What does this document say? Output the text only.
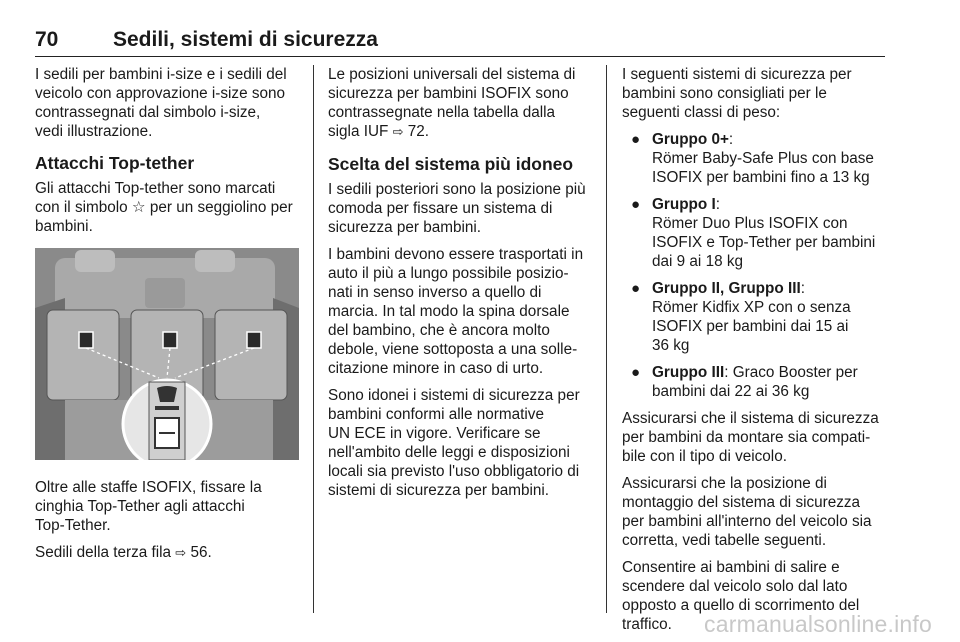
70	Sedili, sistemi di sicurezza

I sedili per bambini i-size e i sedili del
veicolo con approvazione i-size sono
contrassegnati dal simbolo i-size,
vedi illustrazione.

Attacchi Top-tether

Gli attacchi Top-tether sono marcati
con il simbolo ☆ per un seggiolino per
bambini.

Oltre alle staffe ISOFIX, fissare la
cinghia Top-Tether agli attacchi
Top-Tether.

Sedili della terza fila ⇨ 56.

Le posizioni universali del sistema di
sicurezza per bambini ISOFIX sono
contrassegnate nella tabella dalla
sigla IUF ⇨ 72.

Scelta del sistema più idoneo

I sedili posteriori sono la posizione più
comoda per fissare un sistema di
sicurezza per bambini.

I bambini devono essere trasportati in
auto il più a lungo possibile posizio-
nati in senso inverso a quello di
marcia. In tal modo la spina dorsale
del bambino, che è ancora molto
debole, viene sottoposta a una solle-
citazione minore in caso di urto.

Sono idonei i sistemi di sicurezza per
bambini conformi alle normative
UN ECE in vigore. Verificare se
nell'ambito delle leggi e disposizioni
locali sia previsto l'uso obbligatorio di
sistemi di sicurezza per bambini.

I seguenti sistemi di sicurezza per
bambini sono consigliati per le
seguenti classi di peso:

● Gruppo 0+:
Römer Baby-Safe Plus con base
ISOFIX per bambini fino a 13 kg
● Gruppo I:
Römer Duo Plus ISOFIX con
ISOFIX e Top-Tether per bambini
dai 9 ai 18 kg
● Gruppo II, Gruppo III:
Römer Kidfix XP con o senza
ISOFIX per bambini dai 15 ai
36 kg
● Gruppo III: Graco Booster per
bambini dai 22 ai 36 kg

Assicurarsi che il sistema di sicurezza
per bambini da montare sia compati-
bile con il tipo di veicolo.

Assicurarsi che la posizione di
montaggio del sistema di sicurezza
per bambini all'interno del veicolo sia
corretta, vedi tabelle seguenti.

Consentire ai bambini di salire e
scendere dal veicolo solo dal lato
opposto a quello di scorrimento del
traffico.	carmanualsonline.info
